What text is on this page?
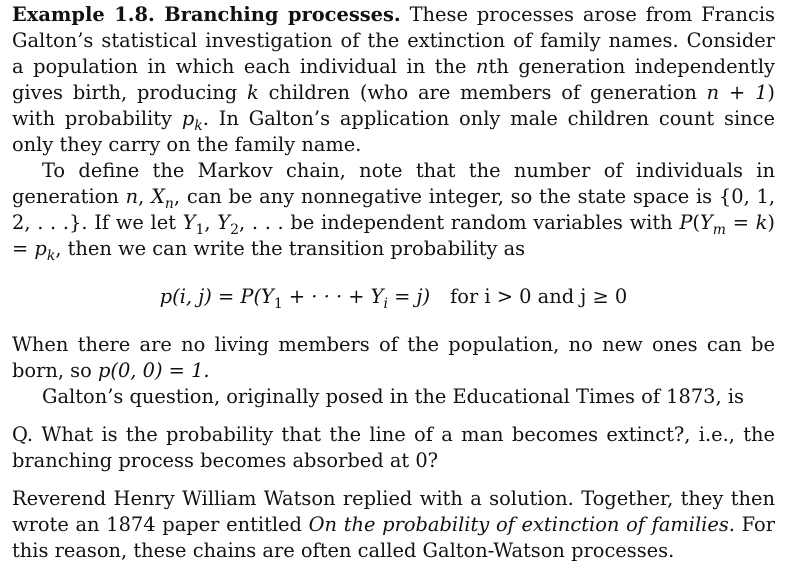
Example 1.8. Branching processes. These processes arose from Francis Galton’s statistical investigation of the extinction of family names. Consider a population in which each individual in the nth generation independently gives birth, producing k children (who are members of generation n + 1) with probability $p_k$. In Galton’s application only male children count since only they carry on the family name.

To define the Markov chain, note that the number of individuals in generation n, $X_n$, can be any nonnegative integer, so the state space is {0, 1, 2, . . .}. If we let $Y_1$, $Y_2$, . . . be independent random variables with $P(Y_m = k) = p_k$, then we can write the transition probability as

p(i, $j) = P(Y_1$ + · · · + $Y_i = j$) for i > 0 and j ≥ 0

When there are no living members of the population, no new ones can be born, so p(0, 0) = 1.

Galton’s question, originally posed in the Educational Times of 1873, is

Q. What is the probability that the line of a man becomes extinct?, i.e., the branching process becomes absorbed at 0?

Reverend Henry William Watson replied with a solution. Together, they then wrote an 1874 paper entitled On the probability of extinction of families. For this reason, these chains are often called Galton-Watson processes.
